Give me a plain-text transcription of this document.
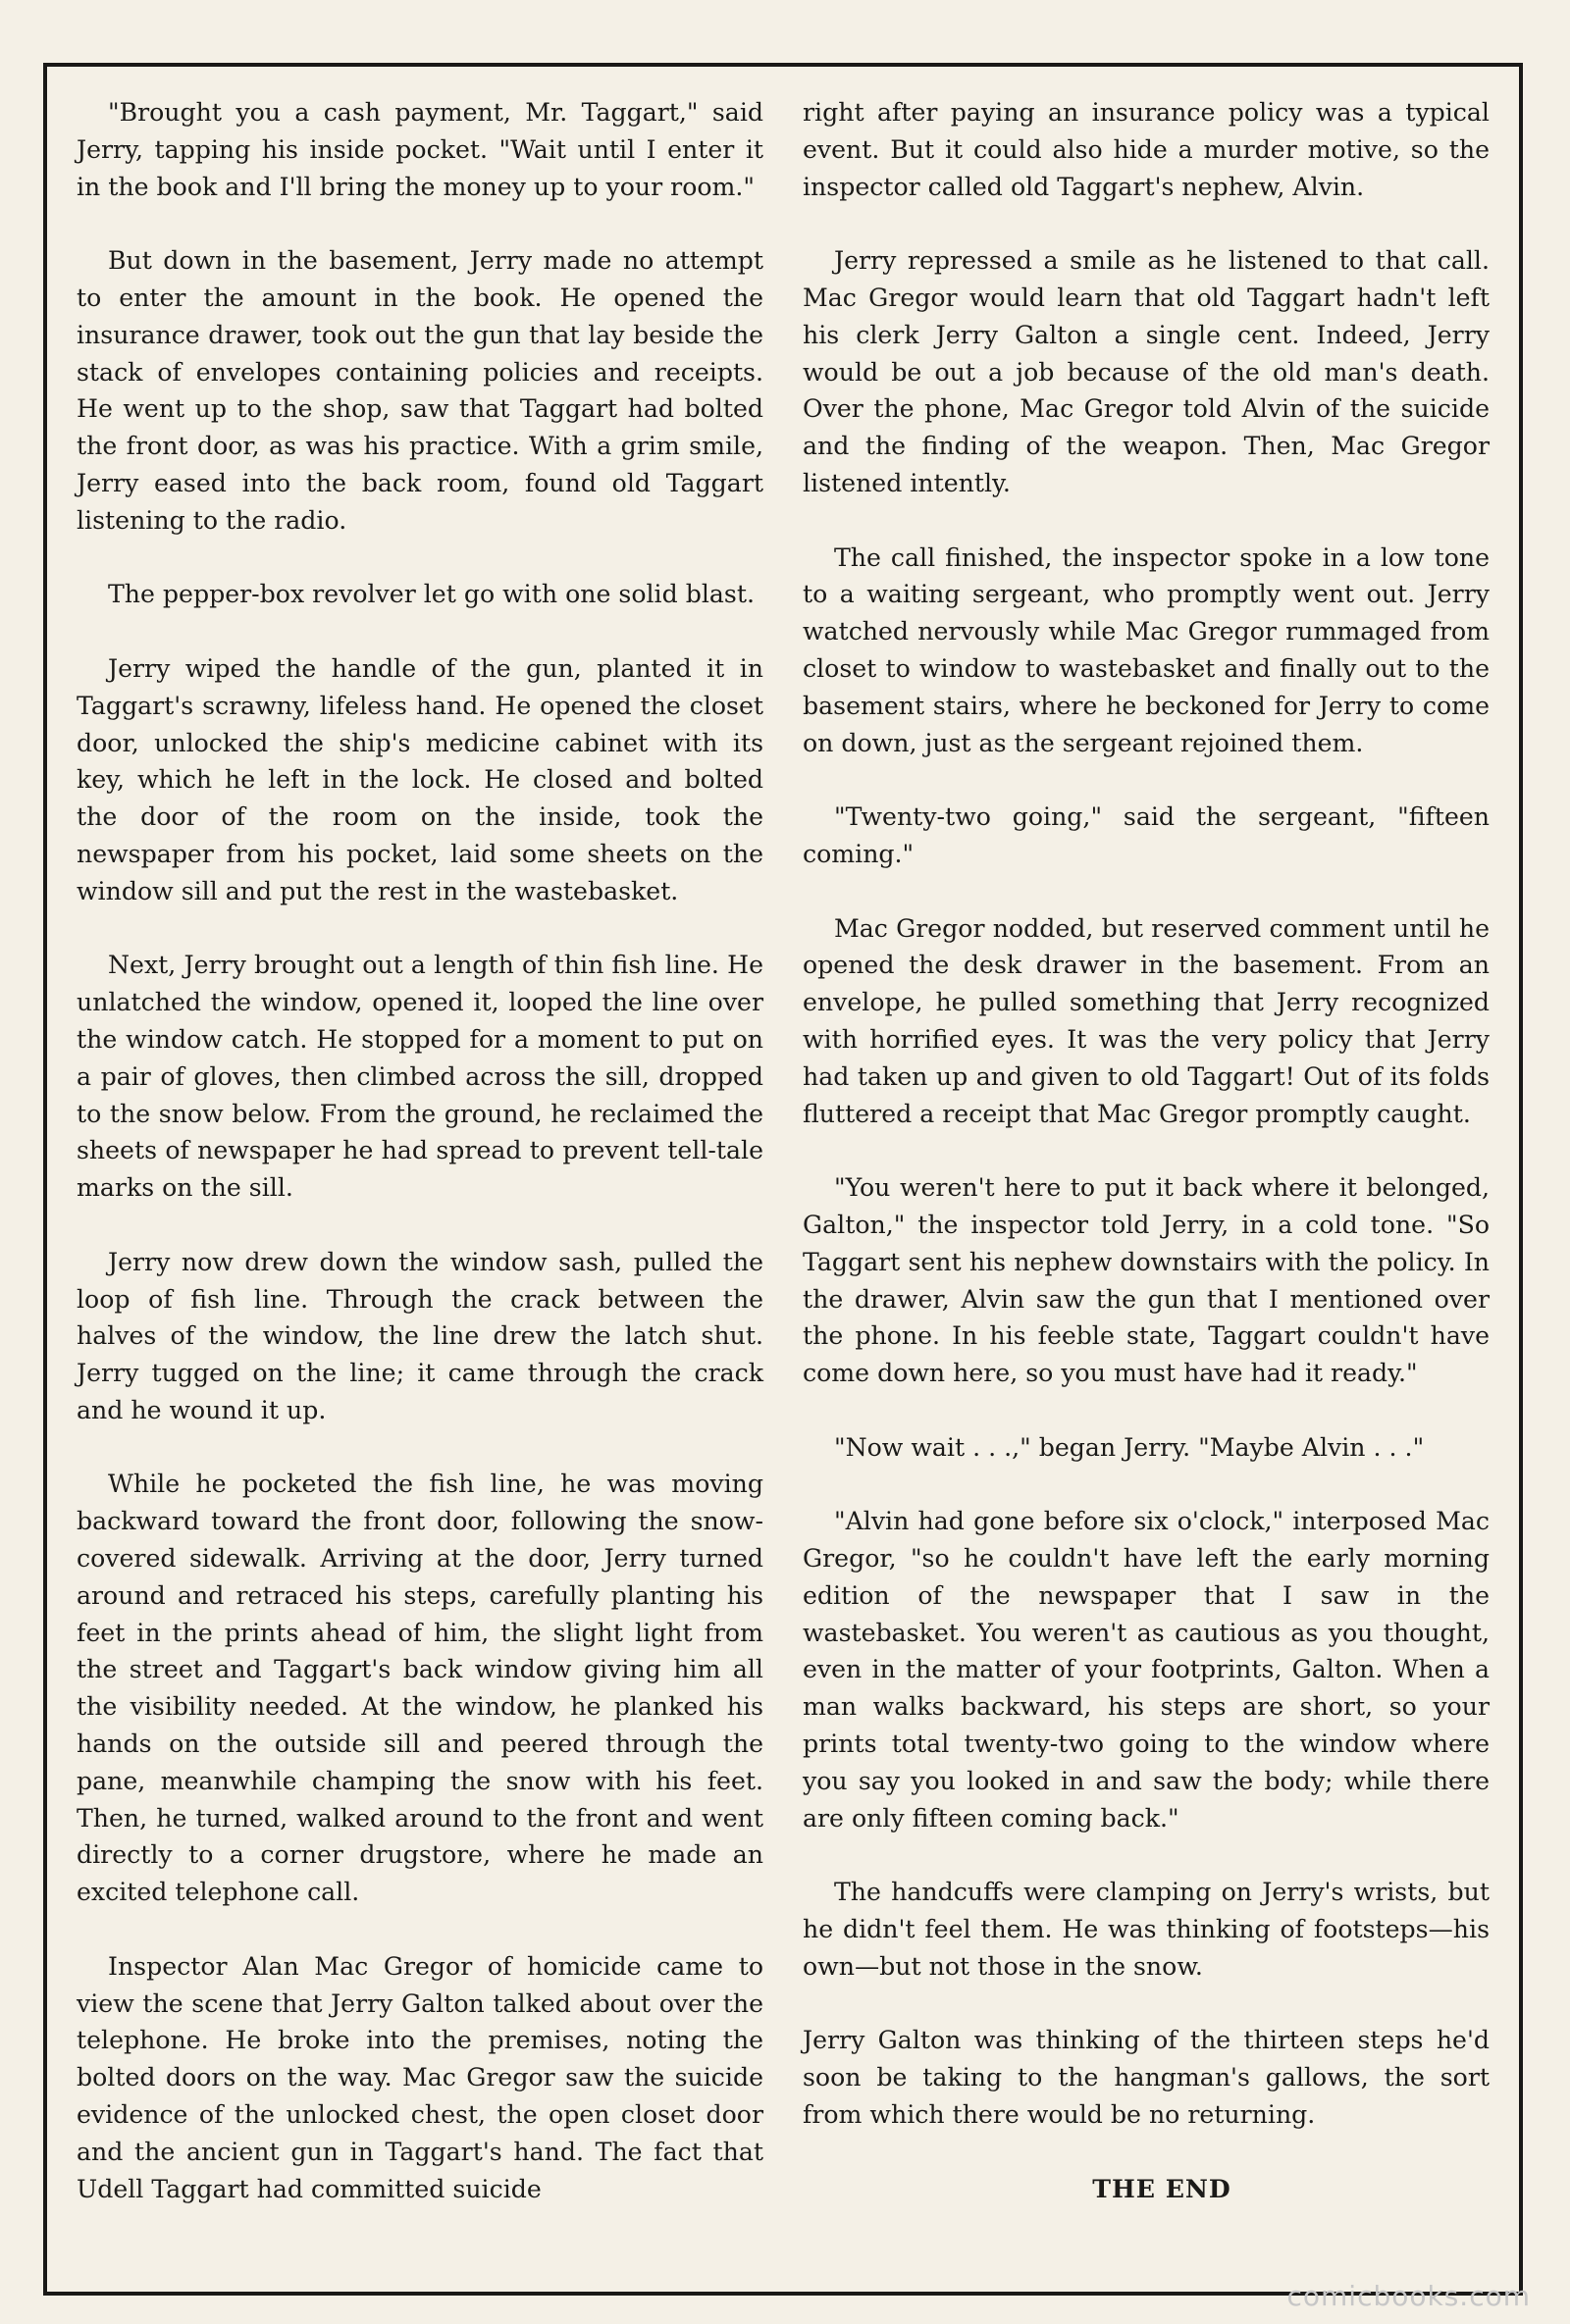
"Brought you a cash payment, Mr. Taggart," said Jerry, tapping his inside pocket. "Wait until I enter it in the book and I'll bring the money up to your room."

But down in the basement, Jerry made no attempt to enter the amount in the book. He opened the insurance drawer, took out the gun that lay beside the stack of envelopes containing policies and receipts. He went up to the shop, saw that Taggart had bolted the front door, as was his practice. With a grim smile, Jerry eased into the back room, found old Taggart listening to the radio.

The pepper-box revolver let go with one solid blast.

Jerry wiped the handle of the gun, planted it in Taggart's scrawny, lifeless hand. He opened the closet door, unlocked the ship's medicine cabinet with its key, which he left in the lock. He closed and bolted the door of the room on the inside, took the newspaper from his pocket, laid some sheets on the window sill and put the rest in the wastebasket.

Next, Jerry brought out a length of thin fish line. He unlatched the window, opened it, looped the line over the window catch. He stopped for a moment to put on a pair of gloves, then climbed across the sill, dropped to the snow below. From the ground, he reclaimed the sheets of newspaper he had spread to prevent tell-tale marks on the sill.

Jerry now drew down the window sash, pulled the loop of fish line. Through the crack between the halves of the window, the line drew the latch shut. Jerry tugged on the line; it came through the crack and he wound it up.

While he pocketed the fish line, he was moving backward toward the front door, following the snow-covered sidewalk. Arriving at the door, Jerry turned around and retraced his steps, carefully planting his feet in the prints ahead of him, the slight light from the street and Taggart's back window giving him all the visibility needed. At the window, he planked his hands on the outside sill and peered through the pane, meanwhile champing the snow with his feet. Then, he turned, walked around to the front and went directly to a corner drugstore, where he made an excited telephone call.

Inspector Alan Mac Gregor of homicide came to view the scene that Jerry Galton talked about over the telephone. He broke into the premises, noting the bolted doors on the way. Mac Gregor saw the suicide evidence of the unlocked chest, the open closet door and the ancient gun in Taggart's hand. The fact that Udell Taggart had committed suicide

right after paying an insurance policy was a typical event. But it could also hide a murder motive, so the inspector called old Taggart's nephew, Alvin.

Jerry repressed a smile as he listened to that call. Mac Gregor would learn that old Taggart hadn't left his clerk Jerry Galton a single cent. Indeed, Jerry would be out a job because of the old man's death. Over the phone, Mac Gregor told Alvin of the suicide and the finding of the weapon. Then, Mac Gregor listened intently.

The call finished, the inspector spoke in a low tone to a waiting sergeant, who promptly went out. Jerry watched nervously while Mac Gregor rummaged from closet to window to wastebasket and finally out to the basement stairs, where he beckoned for Jerry to come on down, just as the sergeant rejoined them.

"Twenty-two going," said the sergeant, "fifteen coming."

Mac Gregor nodded, but reserved comment until he opened the desk drawer in the basement. From an envelope, he pulled something that Jerry recognized with horrified eyes. It was the very policy that Jerry had taken up and given to old Taggart! Out of its folds fluttered a receipt that Mac Gregor promptly caught.

"You weren't here to put it back where it belonged, Galton," the inspector told Jerry, in a cold tone. "So Taggart sent his nephew downstairs with the policy. In the drawer, Alvin saw the gun that I mentioned over the phone. In his feeble state, Taggart couldn't have come down here, so you must have had it ready."

"Now wait . . .," began Jerry. "Maybe Alvin . . ."

"Alvin had gone before six o'clock," interposed Mac Gregor, "so he couldn't have left the early morning edition of the newspaper that I saw in the wastebasket. You weren't as cautious as you thought, even in the matter of your footprints, Galton. When a man walks backward, his steps are short, so your prints total twenty-two going to the window where you say you looked in and saw the body; while there are only fifteen coming back."

The handcuffs were clamping on Jerry's wrists, but he didn't feel them. He was thinking of footsteps—his own—but not those in the snow.

Jerry Galton was thinking of the thirteen steps he'd soon be taking to the hangman's gallows, the sort from which there would be no returning.

THE END

comicbooks.com
